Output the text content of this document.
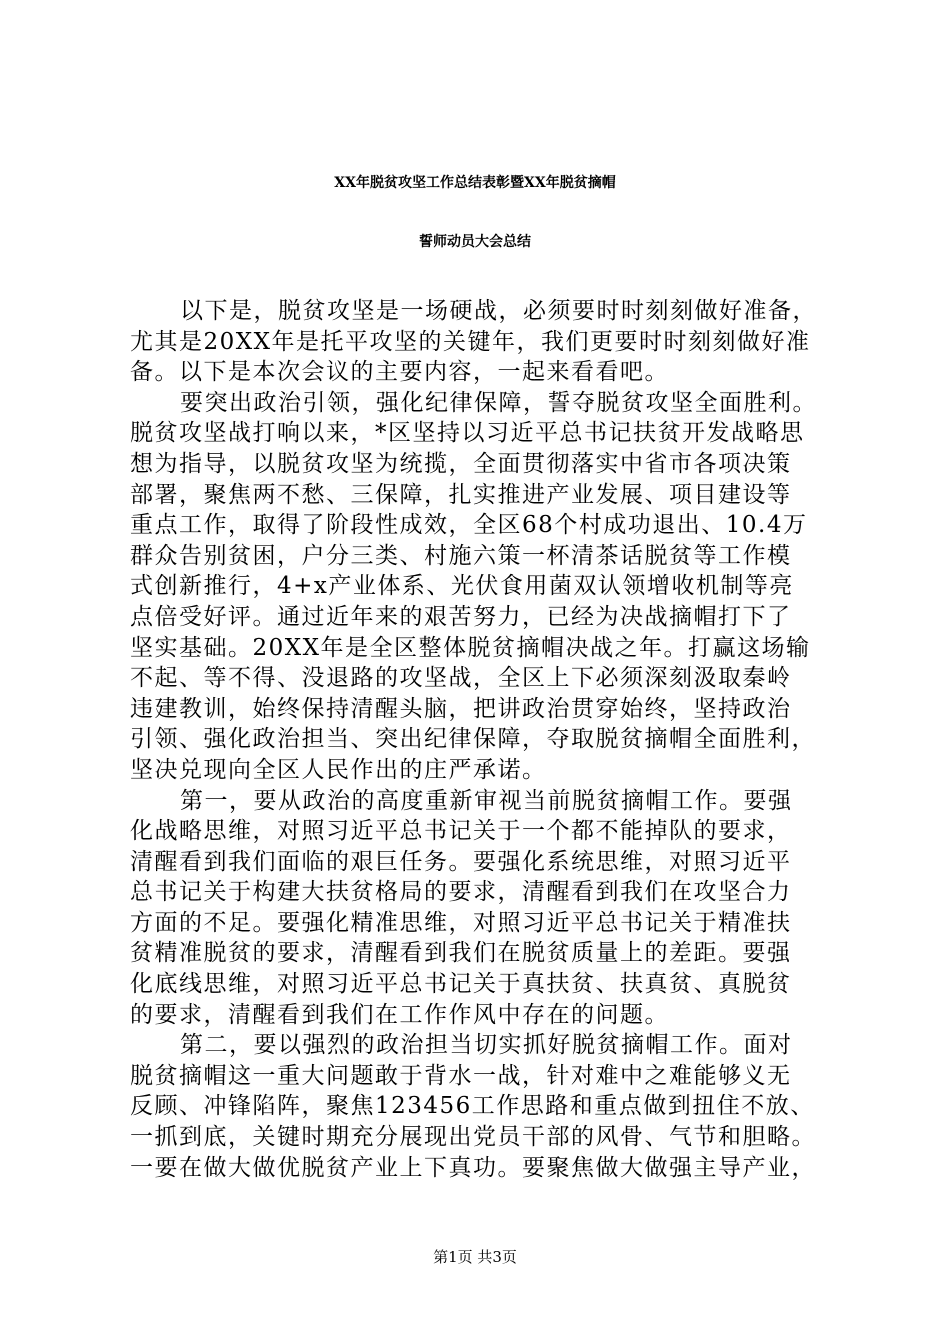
XX年脱贫攻坚工作总结表彰暨XX年脱贫摘帽
誓师动员大会总结
以下是，脱贫攻坚是一场硬战，必须要时时刻刻做好准备，
尤其是20XX年是托平攻坚的关键年，我们更要时时刻刻做好准
备。以下是本次会议的主要内容，一起来看看吧。
要突出政治引领，强化纪律保障，誓夺脱贫攻坚全面胜利。
脱贫攻坚战打响以来，*区坚持以习近平总书记扶贫开发战略思
想为指导，以脱贫攻坚为统揽，全面贯彻落实中省市各项决策
部署，聚焦两不愁、三保障，扎实推进产业发展、项目建设等
重点工作，取得了阶段性成效，全区68个村成功退出、10.4万
群众告别贫困，户分三类、村施六策一杯清茶话脱贫等工作模
式创新推行，4+x产业体系、光伏食用菌双认领增收机制等亮
点倍受好评。通过近年来的艰苦努力，已经为决战摘帽打下了
坚实基础。20XX年是全区整体脱贫摘帽决战之年。打赢这场输
不起、等不得、没退路的攻坚战，全区上下必须深刻汲取秦岭
违建教训，始终保持清醒头脑，把讲政治贯穿始终，坚持政治
引领、强化政治担当、突出纪律保障，夺取脱贫摘帽全面胜利，
坚决兑现向全区人民作出的庄严承诺。
第一，要从政治的高度重新审视当前脱贫摘帽工作。要强
化战略思维，对照习近平总书记关于一个都不能掉队的要求，
清醒看到我们面临的艰巨任务。要强化系统思维，对照习近平
总书记关于构建大扶贫格局的要求，清醒看到我们在攻坚合力
方面的不足。要强化精准思维，对照习近平总书记关于精准扶
贫精准脱贫的要求，清醒看到我们在脱贫质量上的差距。要强
化底线思维，对照习近平总书记关于真扶贫、扶真贫、真脱贫
的要求，清醒看到我们在工作作风中存在的问题。
第二，要以强烈的政治担当切实抓好脱贫摘帽工作。面对
脱贫摘帽这一重大问题敢于背水一战，针对难中之难能够义无
反顾、冲锋陷阵，聚焦123456工作思路和重点做到扭住不放、
一抓到底，关键时期充分展现出党员干部的风骨、气节和胆略。
一要在做大做优脱贫产业上下真功。要聚焦做大做强主导产业，
第1页 共3页
